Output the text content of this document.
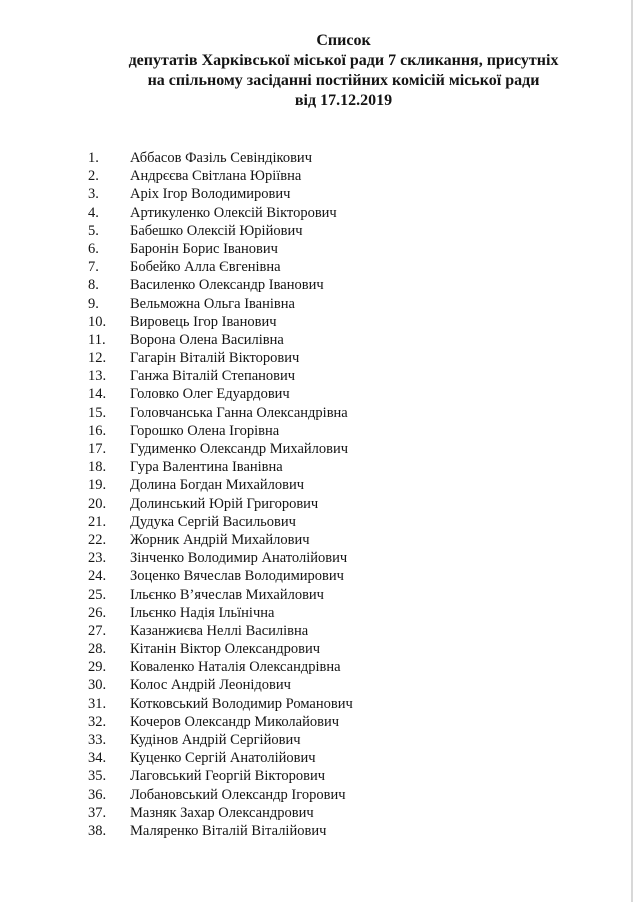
Список
депутатів Харківської міської ради 7 скликання, присутніх
на спільному засіданні постійних комісій міської ради
від 17.12.2019
1. Аббасов Фазіль Севіндікович
2. Андрєєва Світлана Юріївна
3. Аріх Ігор Володимирович
4. Артикуленко Олексій Вікторович
5. Бабешко Олексій Юрійович
6. Баронін Борис Іванович
7. Бобейко Алла Євгенівна
8. Василенко Олександр Іванович
9. Вельможна Ольга Іванівна
10. Вировець Ігор Іванович
11. Ворона Олена Василівна
12. Гагарін Віталій Вікторович
13. Ганжа Віталій Степанович
14. Головко Олег Едуардович
15. Головчанська Ганна Олександрівна
16. Горошко Олена Ігорівна
17. Гудименко Олександр Михайлович
18. Гура Валентина Іванівна
19. Долина Богдан Михайлович
20. Долинський Юрій Григорович
21. Дудука Сергій Васильович
22. Жорник Андрій Михайлович
23. Зінченко Володимир Анатолійович
24. Зоценко Вячеслав Володимирович
25. Ільєнко В’ячеслав Михайлович
26. Ільєнко Надія Ільїнічна
27. Казанжиєва Неллі Василівна
28. Кітанін Віктор Олександрович
29. Коваленко Наталія Олександрівна
30. Колос Андрій Леонідович
31. Котковський Володимир Романович
32. Кочеров Олександр Миколайович
33. Кудінов Андрій Сергійович
34. Куценко Сергій Анатолійович
35. Лаговський Георгій Вікторович
36. Лобановський Олександр Ігорович
37. Мазняк Захар Олександрович
38. Маляренко Віталій Віталійович
